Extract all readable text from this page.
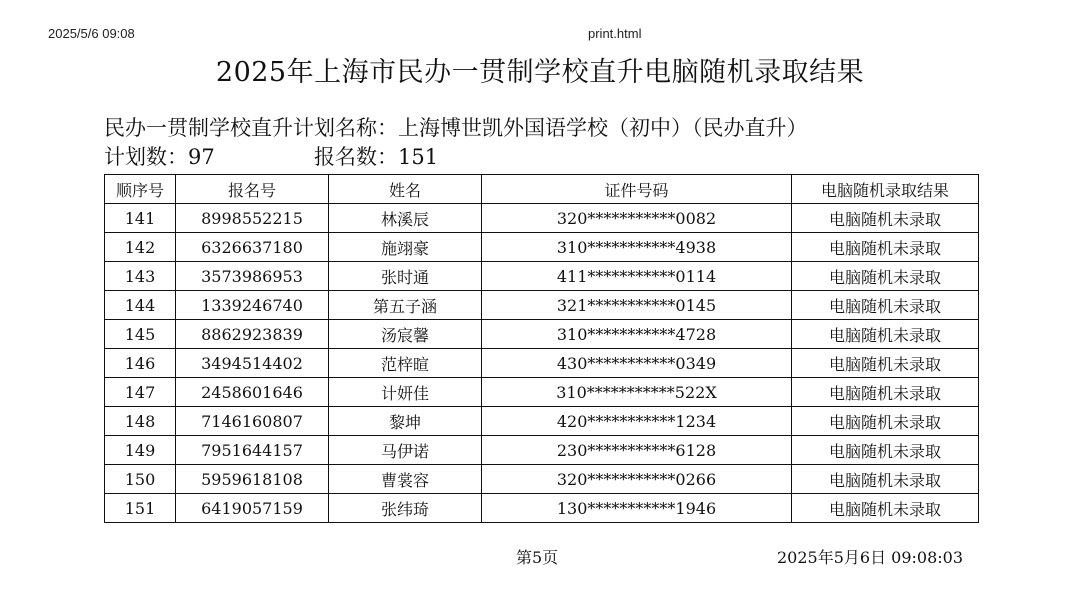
2025/5/6 09:08	print.html
2025年上海市民办一贯制学校直升电脑随机录取结果
民办一贯制学校直升计划名称：上海博世凯外国语学校（初中）（民办直升）
计划数：97	报名数：151
顺序号	报名号	姓名	证件号码	电脑随机录取结果
141	8998552215	林溪辰	320***********0082	电脑随机未录取
142	6326637180	施翊豪	310***********4938	电脑随机未录取
143	3573986953	张时通	411***********0114	电脑随机未录取
144	1339246740	第五子涵	321***********0145	电脑随机未录取
145	8862923839	汤宸馨	310***********4728	电脑随机未录取
146	3494514402	范梓暄	430***********0349	电脑随机未录取
147	2458601646	计妍佳	310***********522X	电脑随机未录取
148	7146160807	黎坤	420***********1234	电脑随机未录取
149	7951644157	马伊诺	230***********6128	电脑随机未录取
150	5959618108	曹裳容	320***********0266	电脑随机未录取
151	6419057159	张纬琦	130***********1946	电脑随机未录取
第5页	2025年5月6日 09:08:03
